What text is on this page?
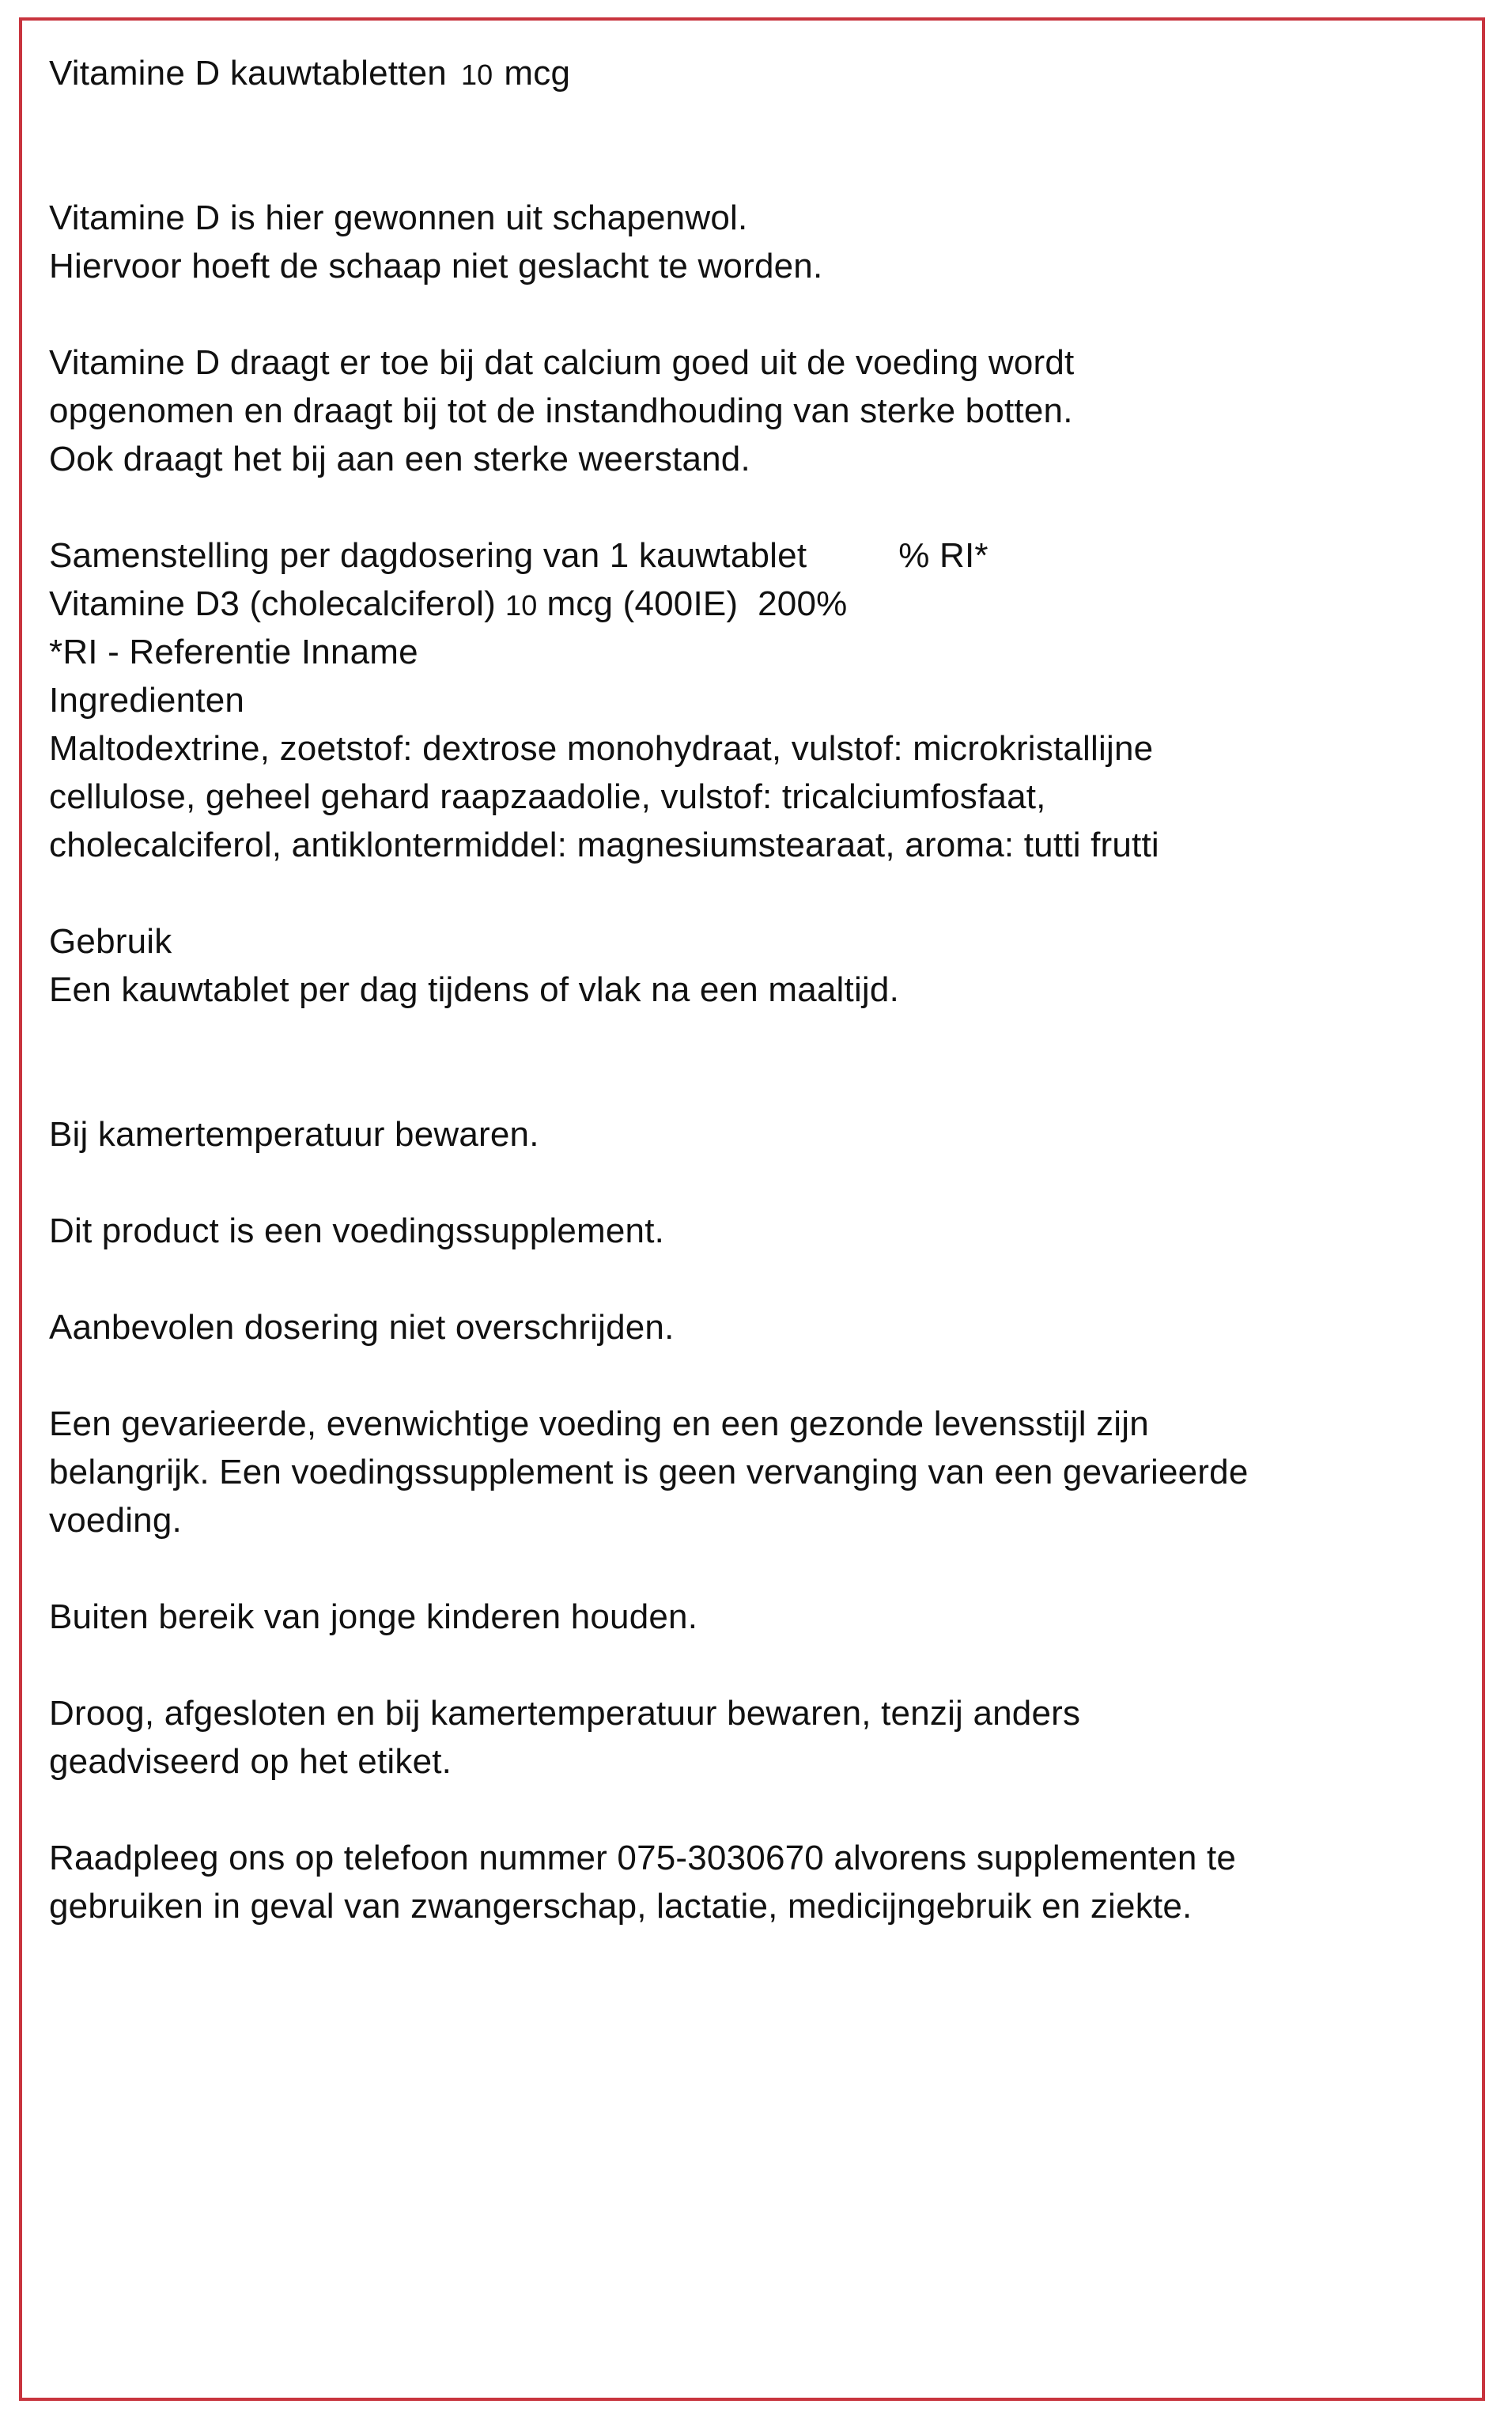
Vitamine D kauwtabletten 10 mcg
Vitamine D is hier gewonnen uit schapenwol.
Hiervoor hoeft de schaap niet geslacht te worden.
Vitamine D draagt er toe bij dat calcium goed uit de voeding wordt
opgenomen en draagt bij tot de instandhouding van sterke botten.
Ook draagt het bij aan een sterke weerstand.
Samenstelling per dagdosering van 1 kauwtablet	% RI*
Vitamine D3 (cholecalciferol) 10 mcg (400IE)  200%
*RI - Referentie Inname
Ingredienten
Maltodextrine, zoetstof: dextrose monohydraat, vulstof: microkristallijne
cellulose, geheel gehard raapzaadolie, vulstof: tricalciumfosfaat,
cholecalciferol, antiklontermiddel: magnesiumstearaat, aroma: tutti frutti
Gebruik
Een kauwtablet per dag tijdens of vlak na een maaltijd.
Bij kamertemperatuur bewaren.
Dit product is een voedingssupplement.
Aanbevolen dosering niet overschrijden.
Een gevarieerde, evenwichtige voeding en een gezonde levensstijl zijn
belangrijk. Een voedingssupplement is geen vervanging van een gevarieerde
voeding.
Buiten bereik van jonge kinderen houden.
Droog, afgesloten en bij kamertemperatuur bewaren, tenzij anders
geadviseerd op het etiket.
Raadpleeg ons op telefoon nummer 075-3030670 alvorens supplementen te
gebruiken in geval van zwangerschap, lactatie, medicijngebruik en ziekte.
